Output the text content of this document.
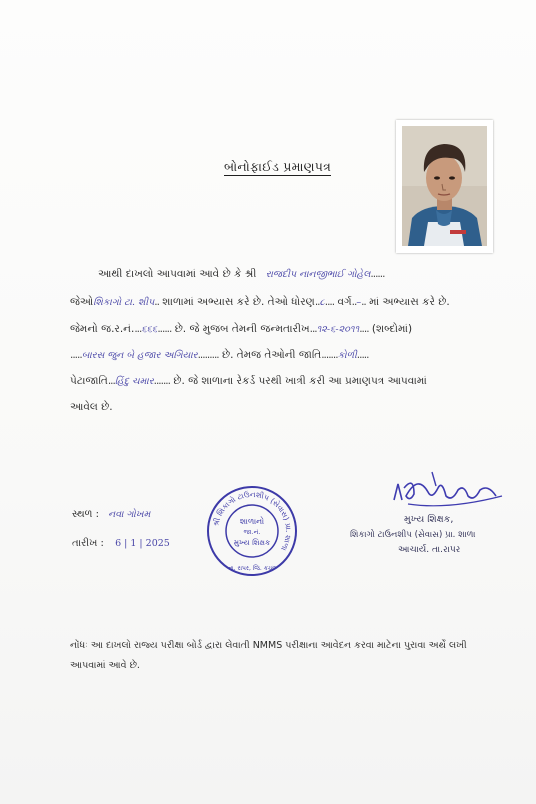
બોનોફાઈડ પ્રમાણપત્ર
આથી દાખલો આપવામાં આવે છે કે શ્રી રાજદીપ નાનજીભાઈ ગોહેલ......
જેઓશિકાગો ટા. શીપ.. શાળામાં અભ્યાસ કરે છે. તેઓ ધોરણ..૮.... વર્ગ..–.. માં અભ્યાસ કરે છે.
જેમનો જ.ર.નં....૬૬૬...... છે. જે મુજબ તેમની જન્મતારીખ...૧૨-૬-૨૦૧૧.... (શબ્દોમાં)
.....બારસ જુન બે હજાર અગિયાર......... છે. તેમજ તેઓની જાતિ.......કોળી.....
પેટાજાતિ...હિંદુ ચમાર....... છે. જે શાળાના રેકર્ડ પરથી ખાત્રી કરી આ પ્રમાણપત્ર આપવામાં
આવેલ છે.
સ્થળ : નવા ગોખમ
તારીખ : 6 | 1 | 2025
શ્રી શિકાગો ટાઉનશીપ (સેવાસ) પ્રા. શાળા
શાળાનો
જા.નં.
મુખ્ય શિક્ષક
તા. રાપર, જિ. કચ્છ
મુખ્ય શિક્ષક,
શિકાગો ટાઉનશીપ (સેવાસ) પ્રા. શાળા
આચાર્ય. તા.રાપર
નોંધઃ આ દાખલો રાજ્ય પરીક્ષા બોર્ડ દ્વારા લેવાતી NMMS પરીક્ષાના આવેદન કરવા માટેના પુરાવા અર્થે લખી
આપવામાં આવે છે.
